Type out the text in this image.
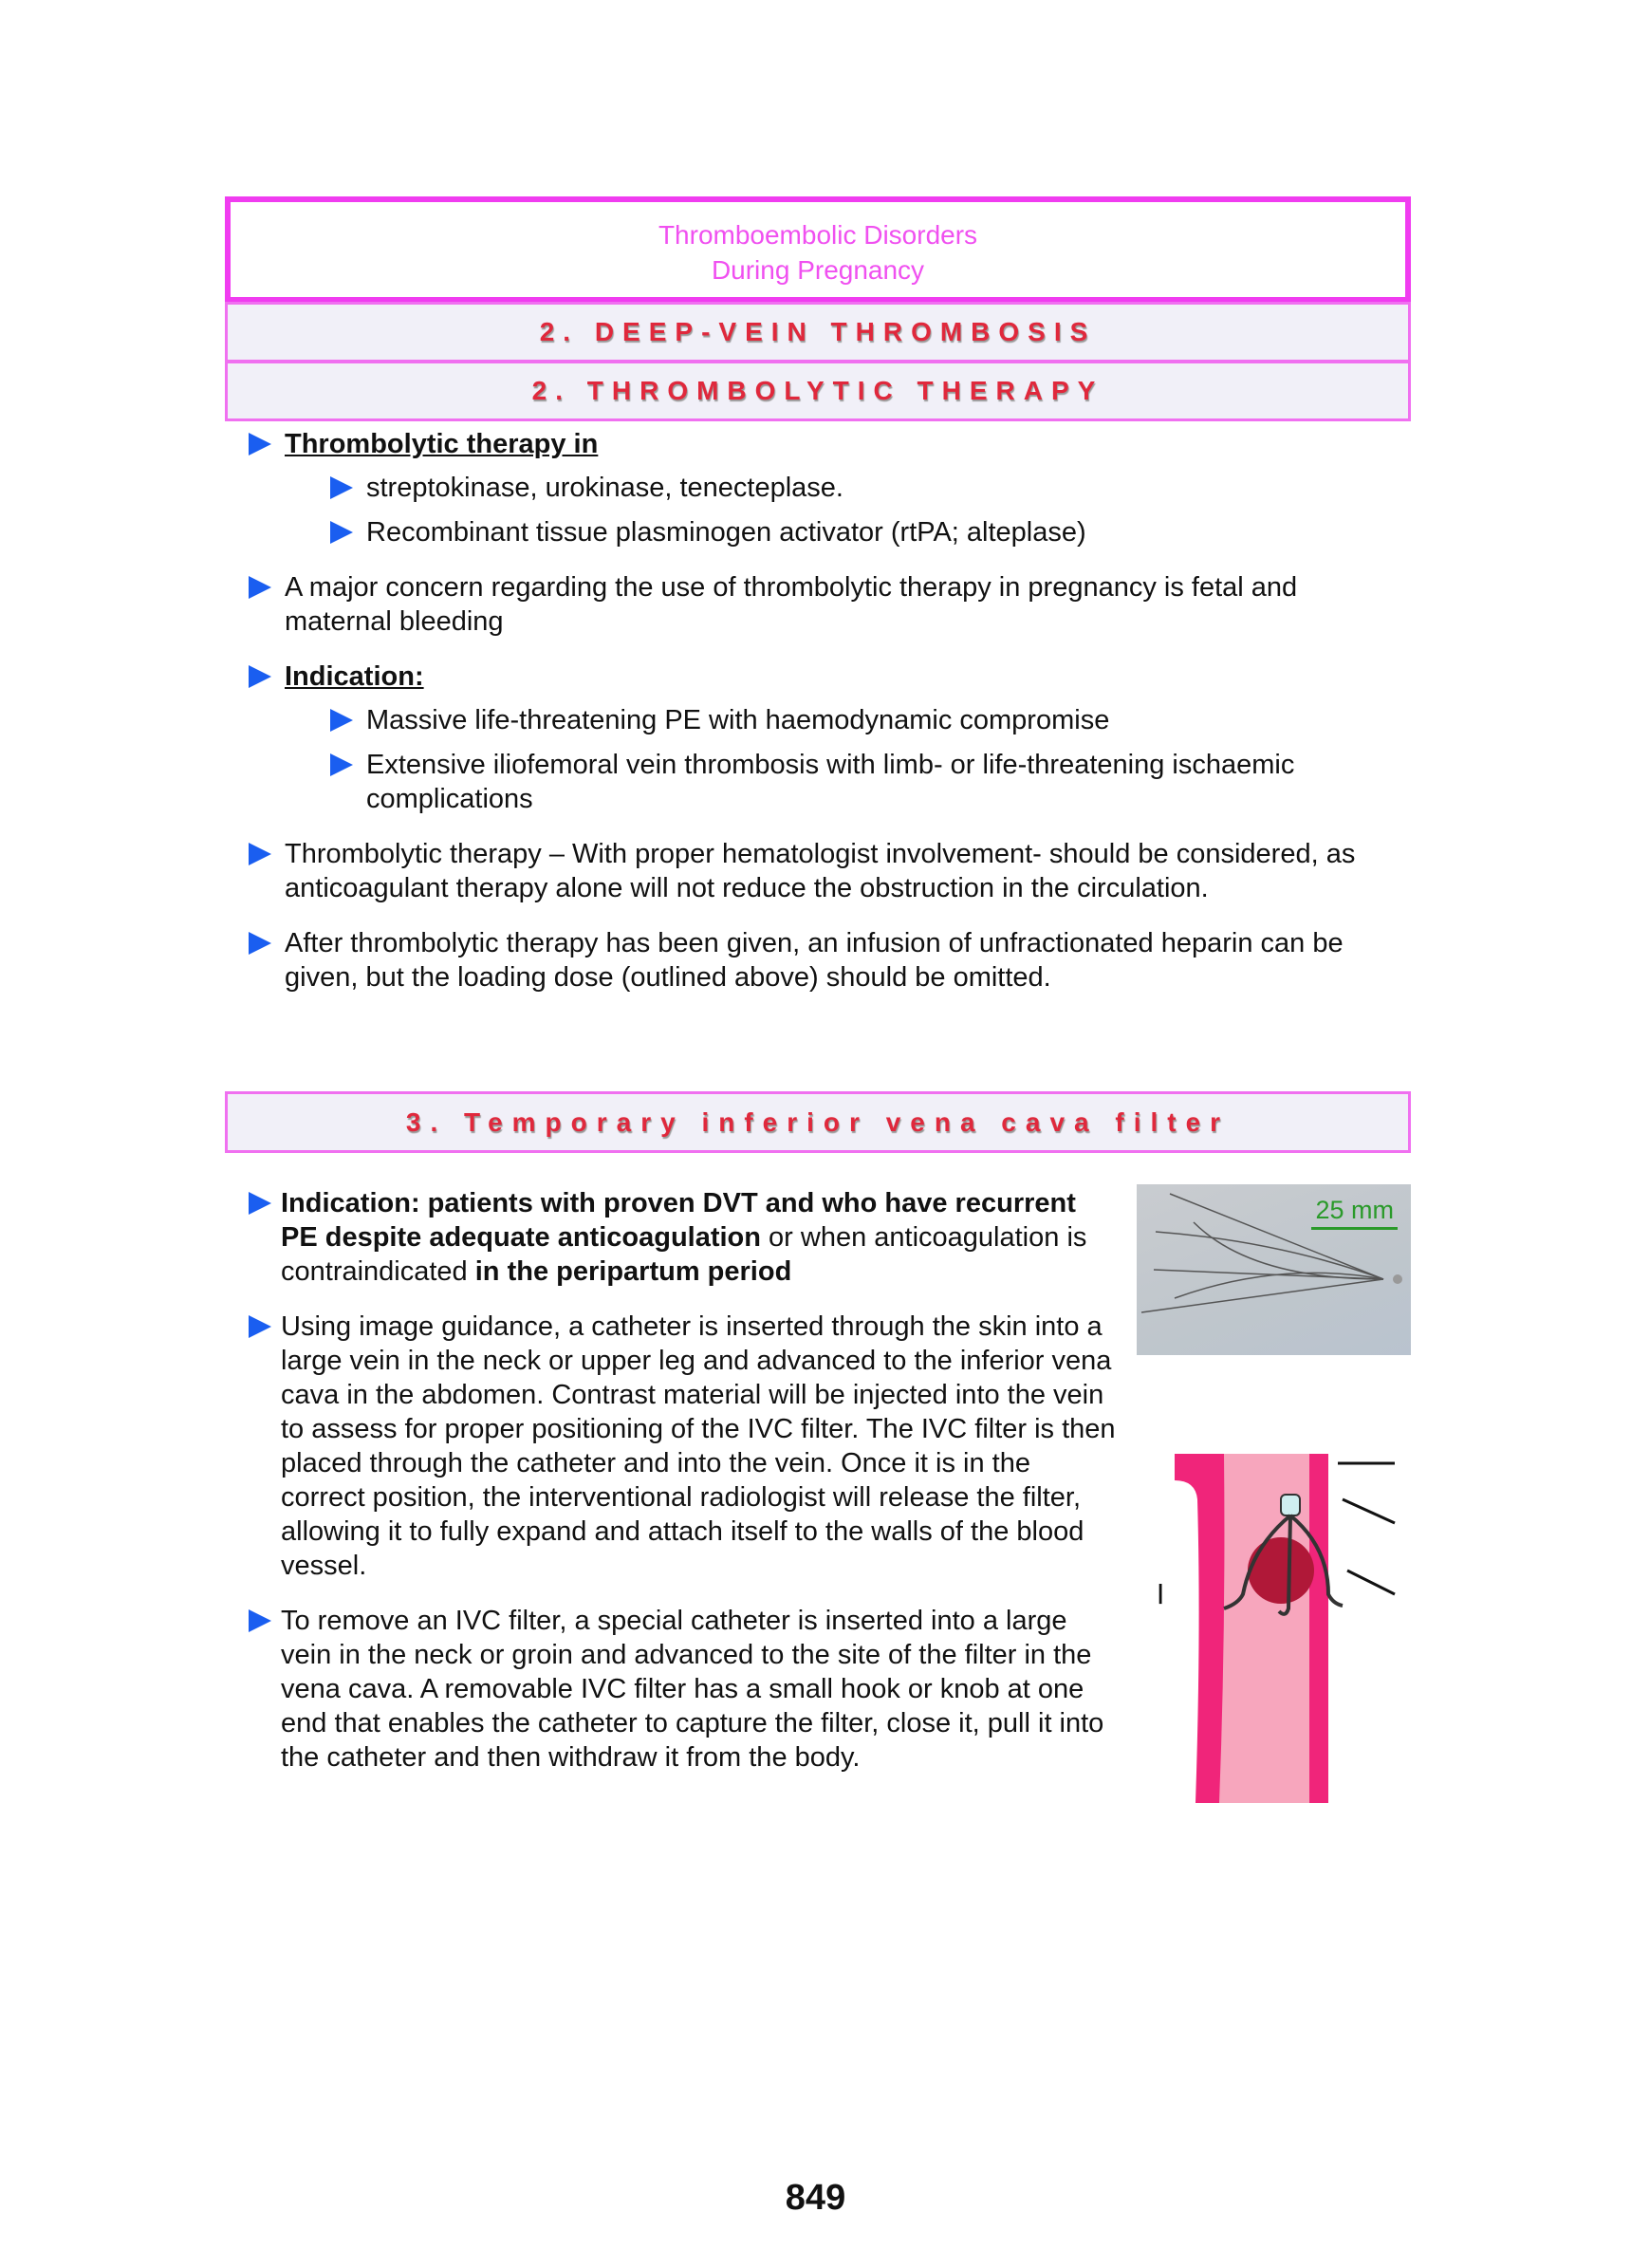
Thromboembolic Disorders
During Pregnancy
2. DEEP-VEIN THROMBOSIS
2. THROMBOLYTIC THERAPY
Thrombolytic therapy in
streptokinase, urokinase, tenecteplase.
Recombinant tissue plasminogen activator (rtPA; alteplase)
A major concern regarding the use of thrombolytic therapy in pregnancy is fetal and maternal bleeding
Indication:
Massive life-threatening PE with haemodynamic compromise
Extensive iliofemoral vein thrombosis with limb- or life-threatening ischaemic complications
Thrombolytic therapy – With proper hematologist involvement- should be considered, as anticoagulant therapy alone will not reduce the obstruction in the circulation.
After thrombolytic therapy has been given, an infusion of unfractionated heparin can be given, but the loading dose (outlined above) should be omitted.
3. Temporary inferior vena cava filter
Indication: patients with proven DVT and who have recurrent PE despite adequate anticoagulation or when anticoagulation is contraindicated in the peripartum period
Using image guidance, a catheter is inserted through the skin into a large vein in the neck or upper leg and advanced to the inferior vena cava in the abdomen. Contrast material will be injected into the vein to assess for proper positioning of the IVC filter. The IVC filter is then placed through the catheter and into the vein. Once it is in the correct position, the interventional radiologist will release the filter, allowing it to fully expand and attach itself to the walls of the blood vessel.
To remove an IVC filter, a special catheter is inserted into a large vein in the neck or groin and advanced to the site of the filter in the vena cava. A removable IVC filter has a small hook or knob at one end that enables the catheter to capture the filter, close it, pull it into the catheter and then withdraw it from the body.
25 mm
|
849
